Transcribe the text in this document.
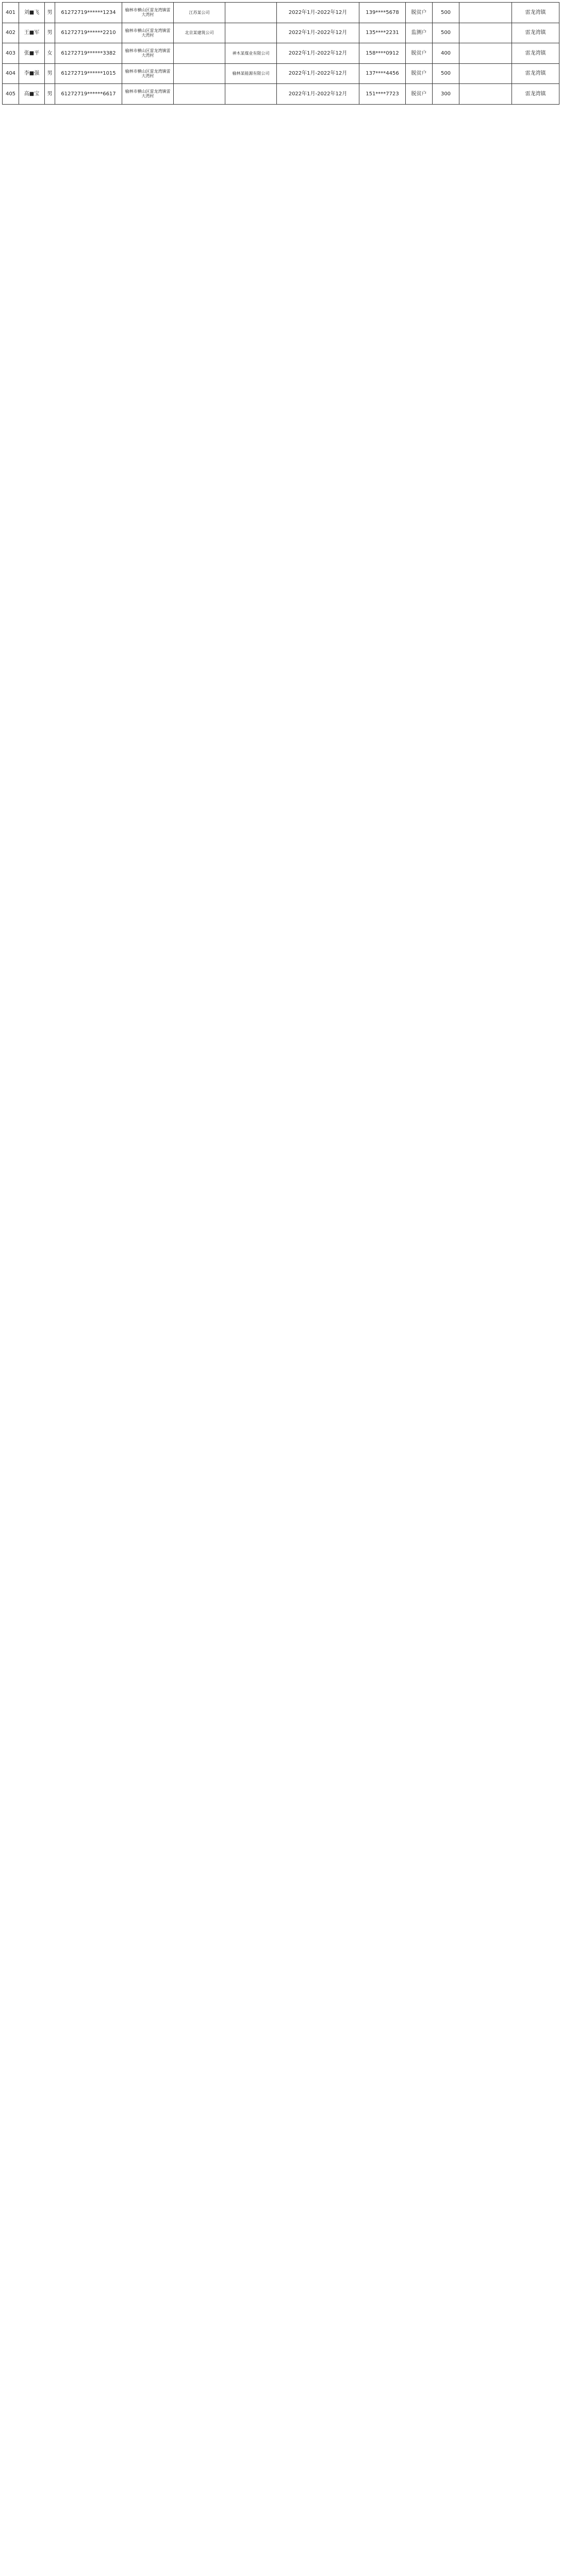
401	刘■飞	男	61272719******1234	榆林市横山区雷龙湾镇雷大湾村	江苏某公司		2022年1月-2022年12月	139****5678	脱贫户	500		雷龙湾镇
402	王■军	男	61272719******2210	榆林市横山区雷龙湾镇雷大湾村	北京某建筑公司		2022年1月-2022年12月	135****2231	监测户	500		雷龙湾镇
403	张■平	女	61272719******3382	榆林市横山区雷龙湾镇雷大湾村		神木某煤业有限公司	2022年1月-2022年12月	158****0912	脱贫户	400		雷龙湾镇
404	李■强	男	61272719******1015	榆林市横山区雷龙湾镇雷大湾村		榆林某能源有限公司	2022年1月-2022年12月	137****4456	脱贫户	500		雷龙湾镇
405	高■宝	男	61272719******6617	榆林市横山区雷龙湾镇雷大湾村			2022年1月-2022年12月	151****7723	脱贫户	300		雷龙湾镇
